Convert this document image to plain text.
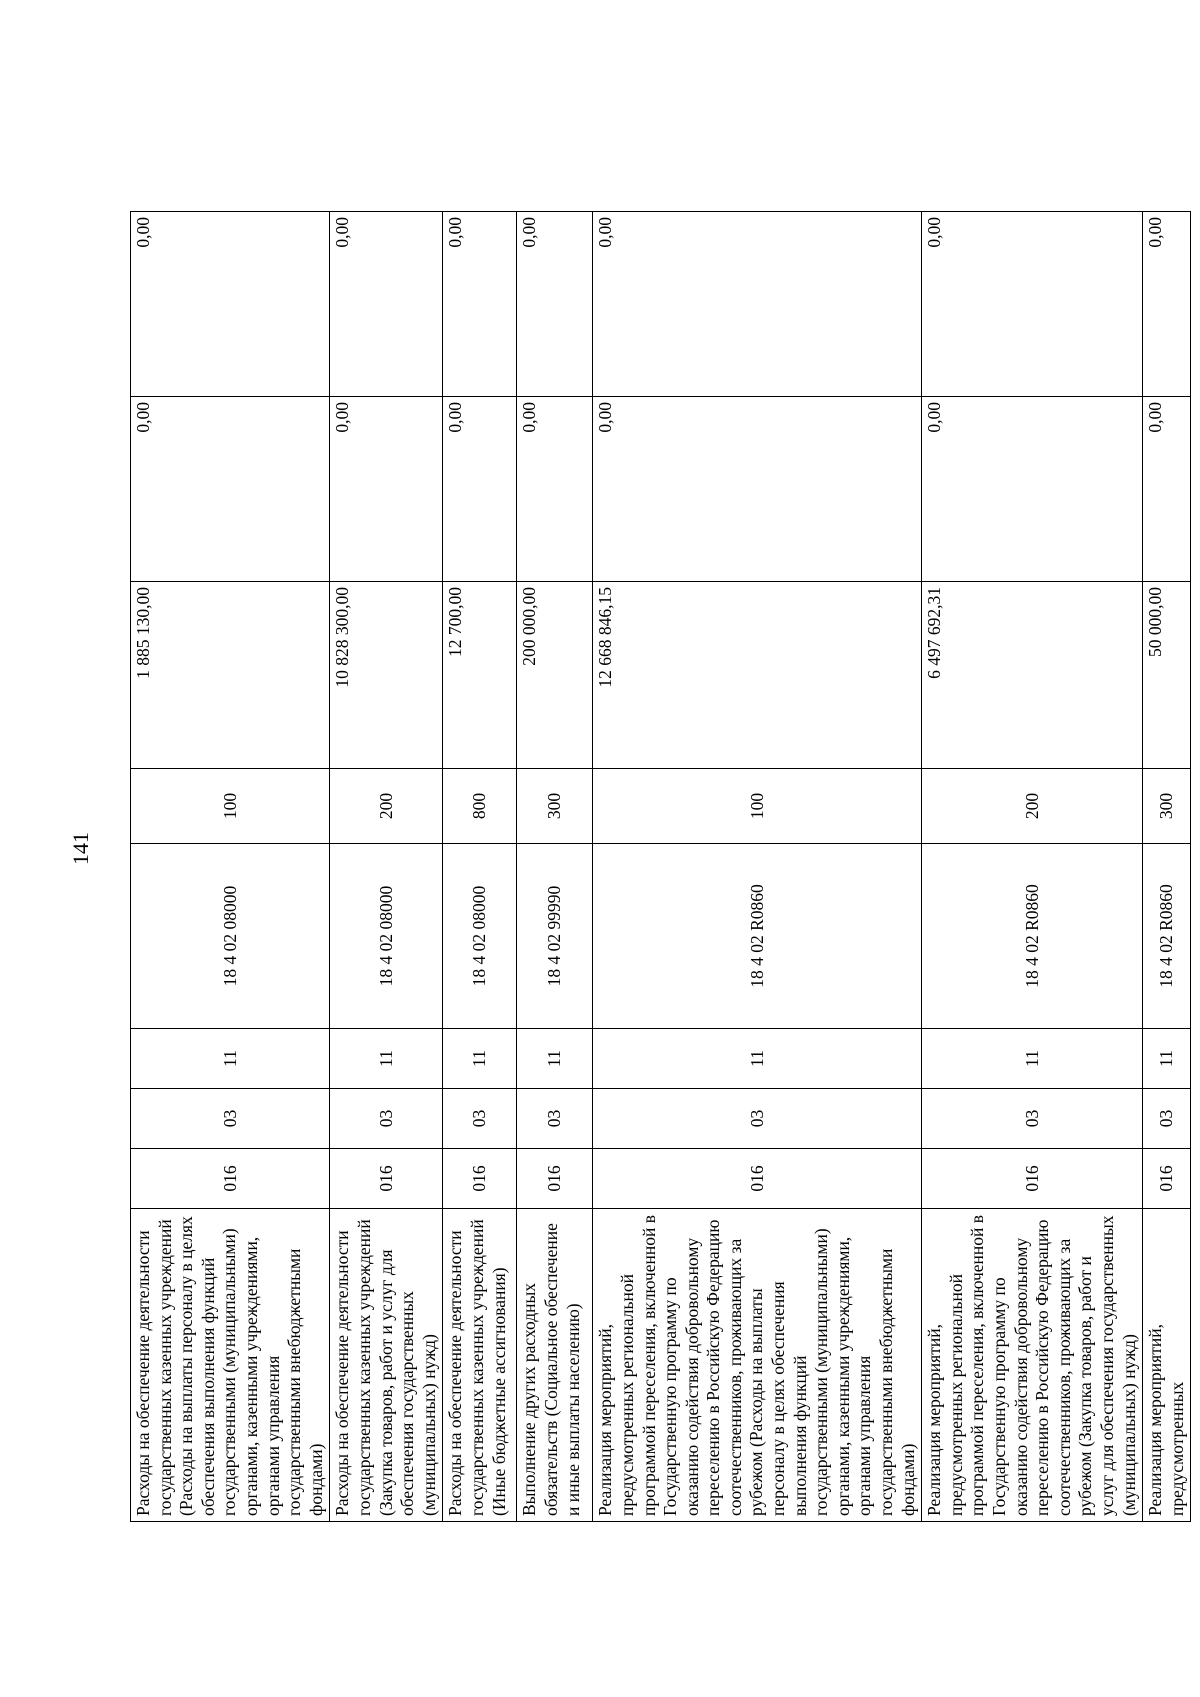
141
Расходы на обеспечение деятельности государственных казенных учреждений (Расходы на выплаты персоналу в целях обеспечения выполнения функций государственными (муниципальными) органами, казенными учреждениями, органами управления государственными внебюджетными фондами)	016	03	11	18 4 02 08000	100	1 885 130,00	0,00	0,00
Расходы на обеспечение деятельности государственных казенных учреждений (Закупка товаров, работ и услуг для обеспечения государственных (муниципальных) нужд)	016	03	11	18 4 02 08000	200	10 828 300,00	0,00	0,00
Расходы на обеспечение деятельности государственных казенных учреждений (Иные бюджетные ассигнования)	016	03	11	18 4 02 08000	800	12 700,00	0,00	0,00
Выполнение других расходных обязательств (Социальное обеспечение и иные выплаты населению)	016	03	11	18 4 02 99990	300	200 000,00	0,00	0,00
Реализация мероприятий, предусмотренных региональной программой переселения, включенной в Государственную программу по оказанию содействия добровольному переселению в Российскую Федерацию соотечественников, проживающих за рубежом (Расходы на выплаты персоналу в целях обеспечения выполнения функций государственными (муниципальными) органами, казенными учреждениями, органами управления государственными внебюджетными фондами)	016	03	11	18 4 02 R0860	100	12 668 846,15	0,00	0,00
Реализация мероприятий, предусмотренных региональной программой переселения, включенной в Государственную программу по оказанию содействия добровольному переселению в Российскую Федерацию соотечественников, проживающих за рубежом (Закупка товаров, работ и услуг для обеспечения государственных (муниципальных) нужд)	016	03	11	18 4 02 R0860	200	6 497 692,31	0,00	0,00
Реализация мероприятий, предусмотренных	016	03	11	18 4 02 R0860	300	50 000,00	0,00	0,00
